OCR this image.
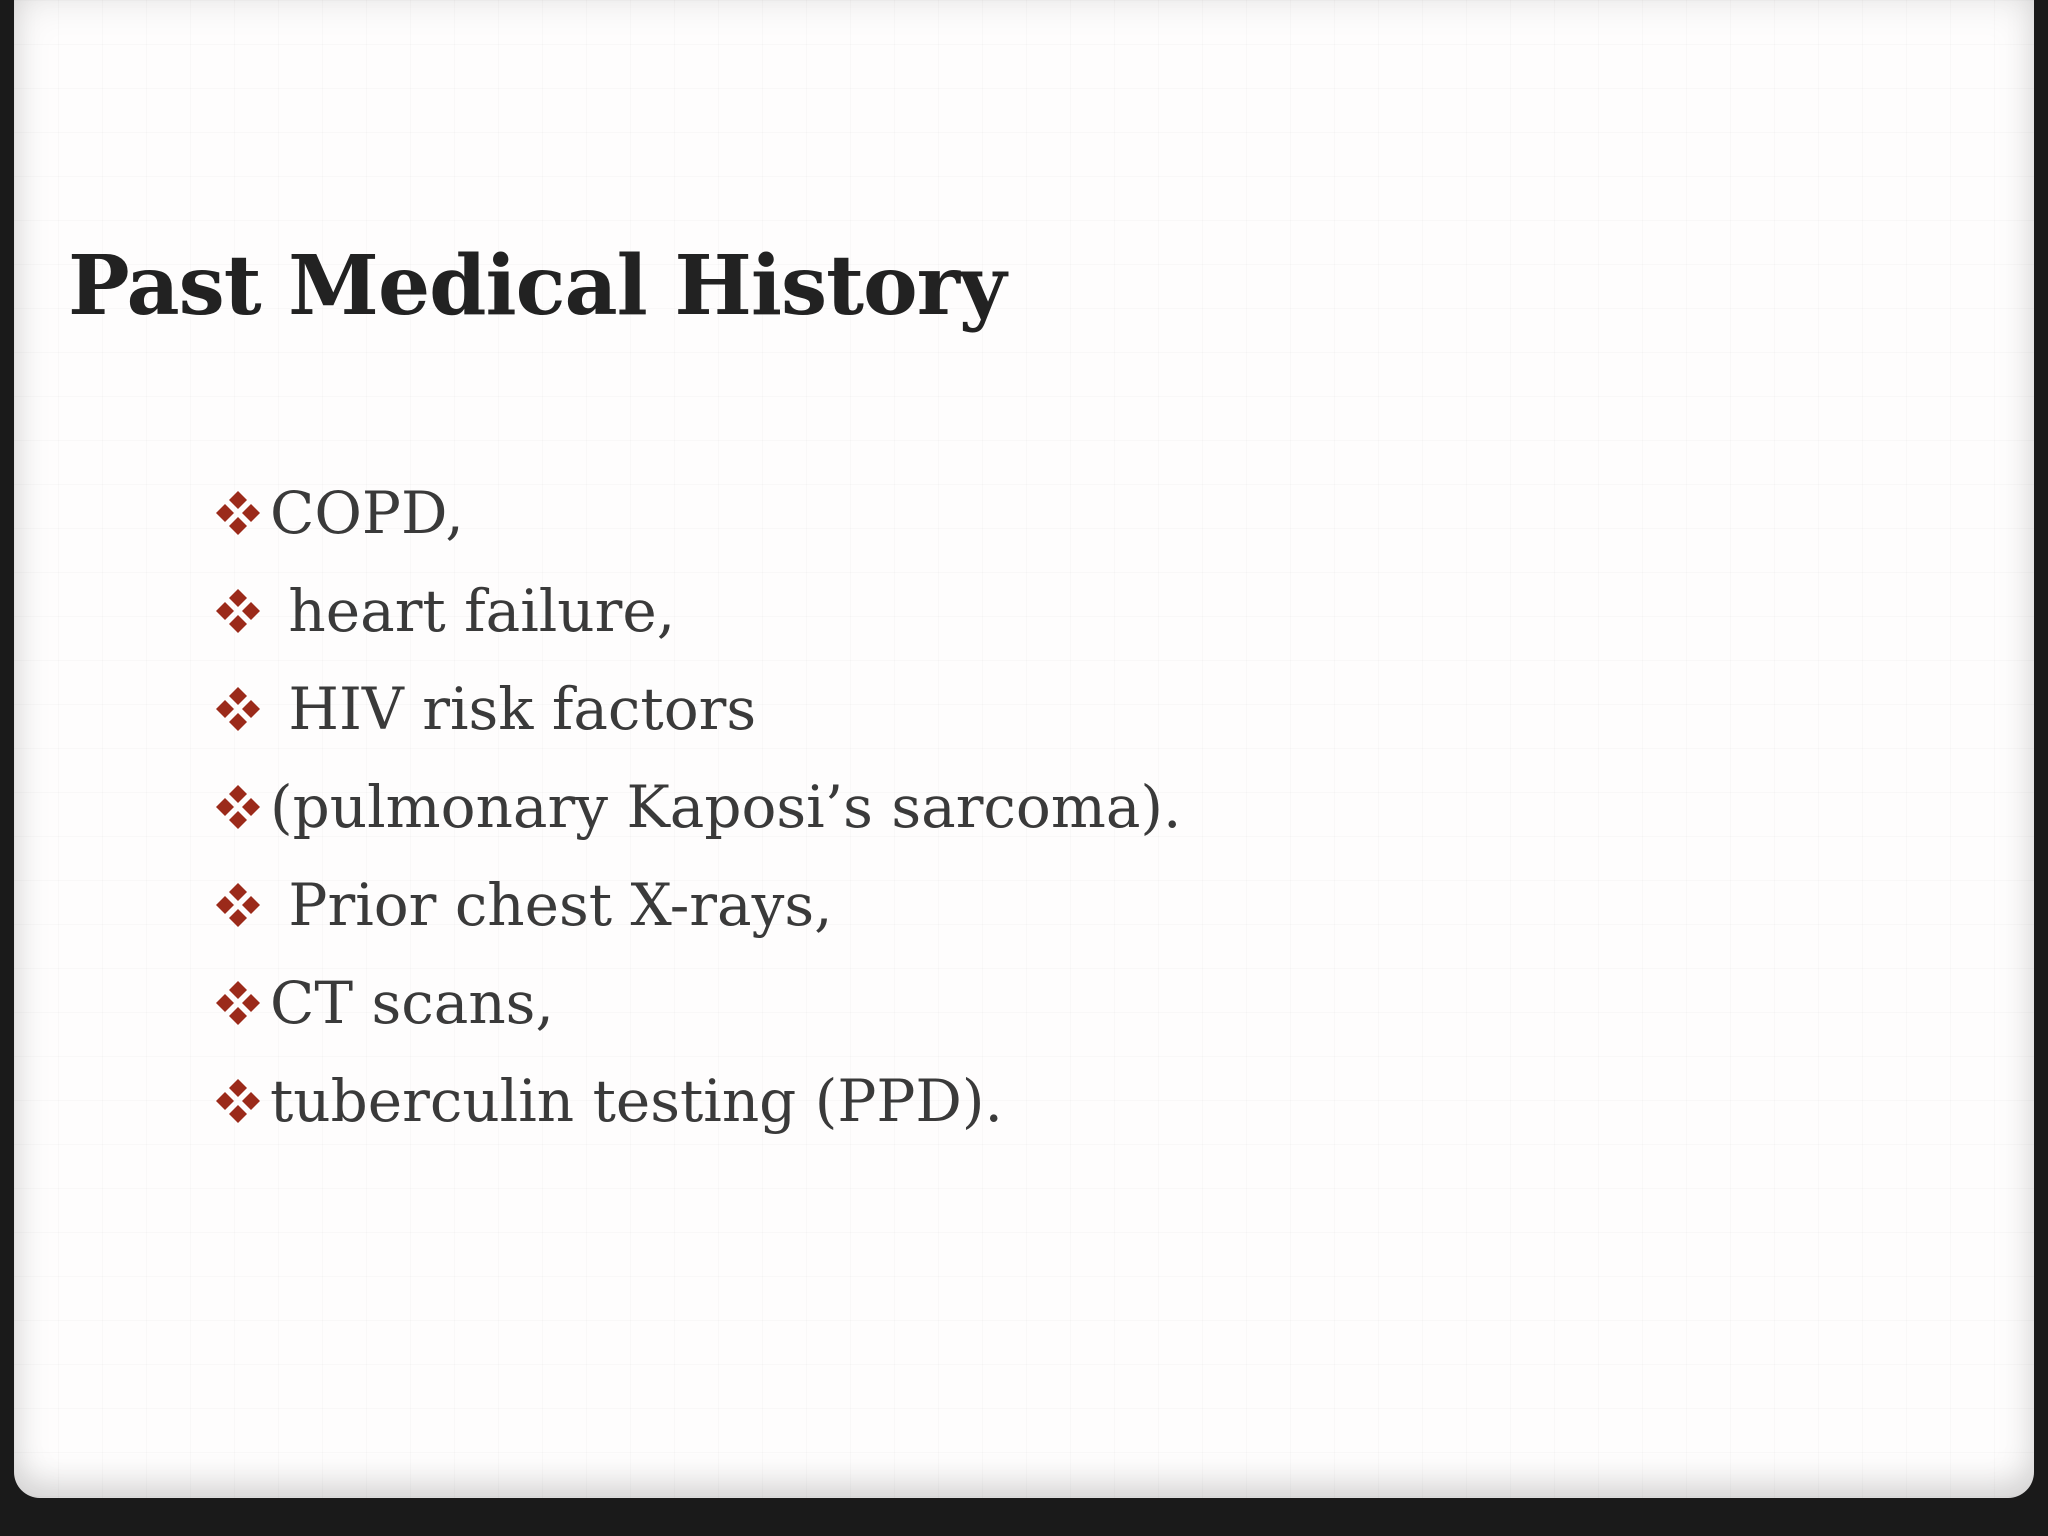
Past Medical History
COPD,
heart failure,
HIV risk factors
(pulmonary Kaposi’s sarcoma).
Prior chest X-rays,
CT scans,
tuberculin testing (PPD).
